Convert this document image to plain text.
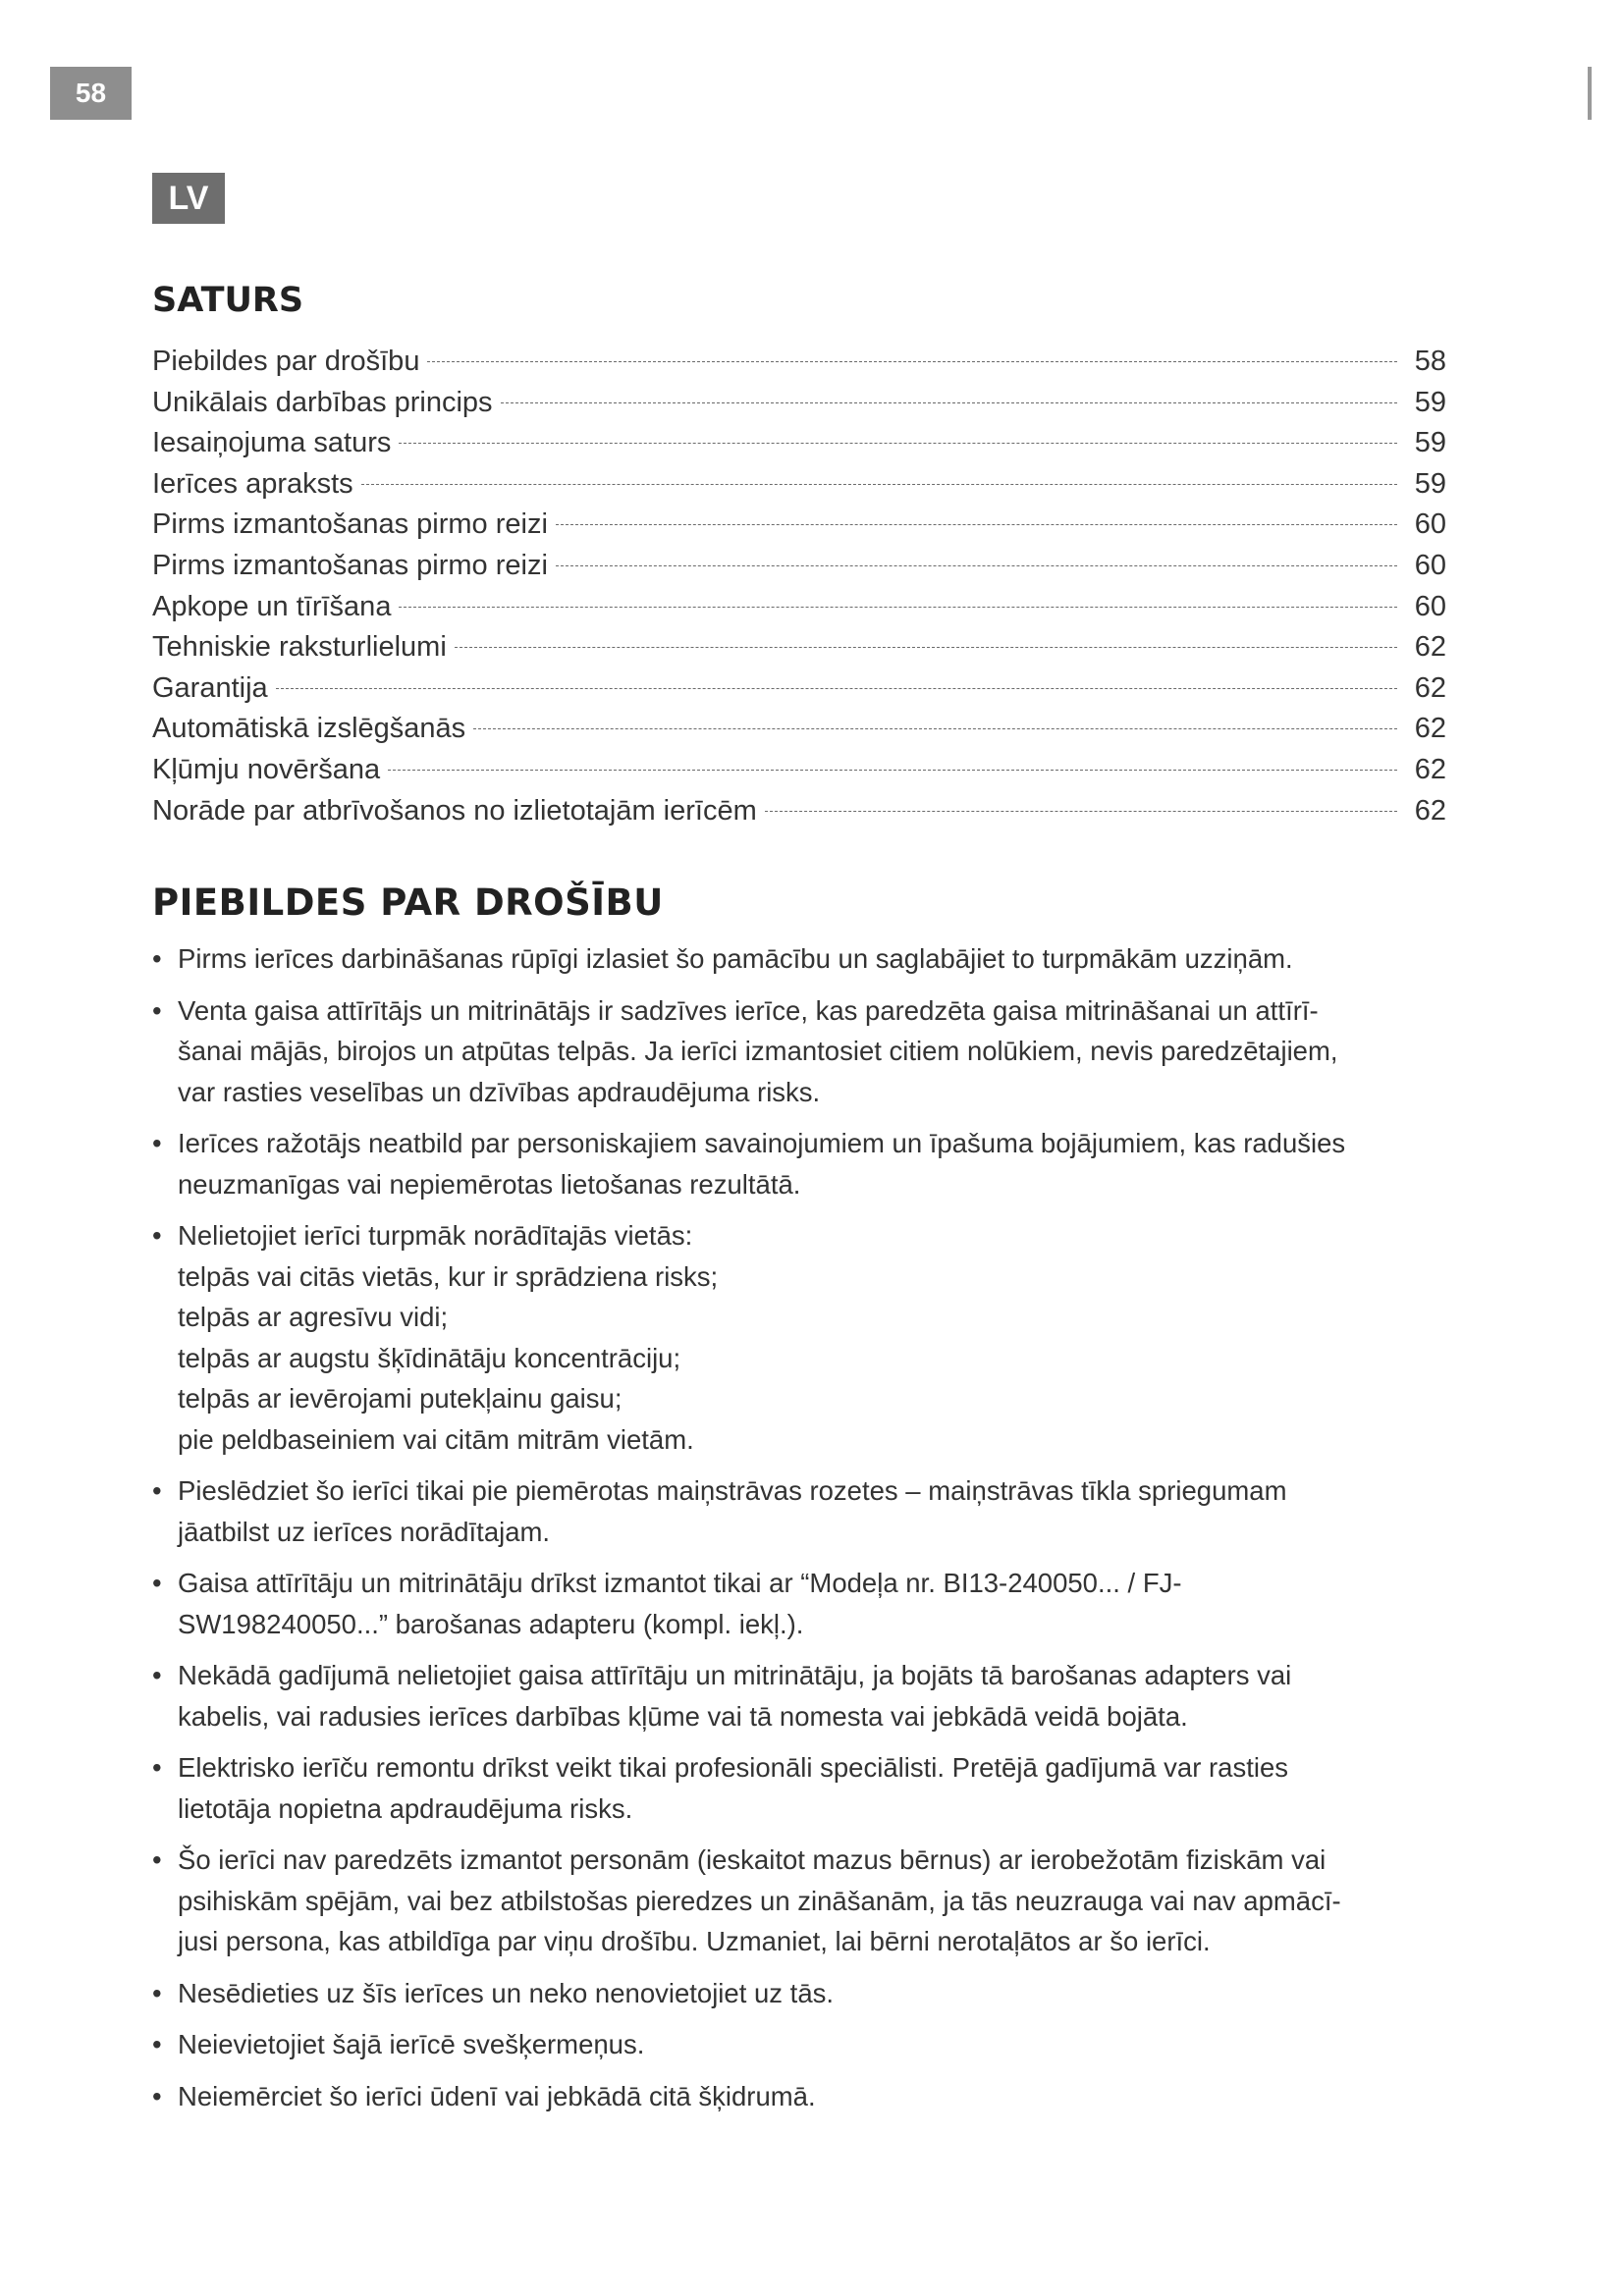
58
LV
SATURS
Piebildes par drošību	58
Unikālais darbības princips	59
Iesaiņojuma saturs	59
Ierīces apraksts	59
Pirms izmantošanas pirmo reizi	60
Pirms izmantošanas pirmo reizi	60
Apkope un tīrīšana	60
Tehniskie raksturlielumi	62
Garantija	62
Automātiskā izslēgšanās	62
Kļūmju novēršana	62
Norāde par atbrīvošanos no izlietotajām ierīcēm	62
PIEBILDES PAR DROŠĪBU
• Pirms ierīces darbināšanas rūpīgi izlasiet šo pamācību un saglabājiet to turpmākām uzziņām.
• Venta gaisa attīrītājs un mitrinātājs ir sadzīves ierīce, kas paredzēta gaisa mitrināšanai un attīrī-
šanai mājās, birojos un atpūtas telpās. Ja ierīci izmantosiet citiem nolūkiem, nevis paredzētajiem,
var rasties veselības un dzīvības apdraudējuma risks.
• Ierīces ražotājs neatbild par personiskajiem savainojumiem un īpašuma bojājumiem, kas radušies
neuzmanīgas vai nepiemērotas lietošanas rezultātā.
• Nelietojiet ierīci turpmāk norādītajās vietās:
telpās vai citās vietās, kur ir sprādziena risks;
telpās ar agresīvu vidi;
telpās ar augstu šķīdinātāju koncentrāciju;
telpās ar ievērojami putekļainu gaisu;
pie peldbaseiniem vai citām mitrām vietām.
• Pieslēdziet šo ierīci tikai pie piemērotas maiņstrāvas rozetes – maiņstrāvas tīkla spriegumam
jāatbilst uz ierīces norādītajam.
• Gaisa attīrītāju un mitrinātāju drīkst izmantot tikai ar “Modeļa nr. BI13-240050... / FJ-
SW198240050...” barošanas adapteru (kompl. iekļ.).
• Nekādā gadījumā nelietojiet gaisa attīrītāju un mitrinātāju, ja bojāts tā barošanas adapters vai
kabelis, vai radusies ierīces darbības kļūme vai tā nomesta vai jebkādā veidā bojāta.
• Elektrisko ierīču remontu drīkst veikt tikai profesionāli speciālisti. Pretējā gadījumā var rasties
lietotāja nopietna apdraudējuma risks.
• Šo ierīci nav paredzēts izmantot personām (ieskaitot mazus bērnus) ar ierobežotām fiziskām vai
psihiskām spējām, vai bez atbilstošas pieredzes un zināšanām, ja tās neuzrauga vai nav apmācī-
jusi persona, kas atbildīga par viņu drošību. Uzmaniet, lai bērni nerotaļātos ar šo ierīci.
• Nesēdieties uz šīs ierīces un neko nenovietojiet uz tās.
• Neievietojiet šajā ierīcē svešķermeņus.
• Neiemērciet šo ierīci ūdenī vai jebkādā citā šķidrumā.
